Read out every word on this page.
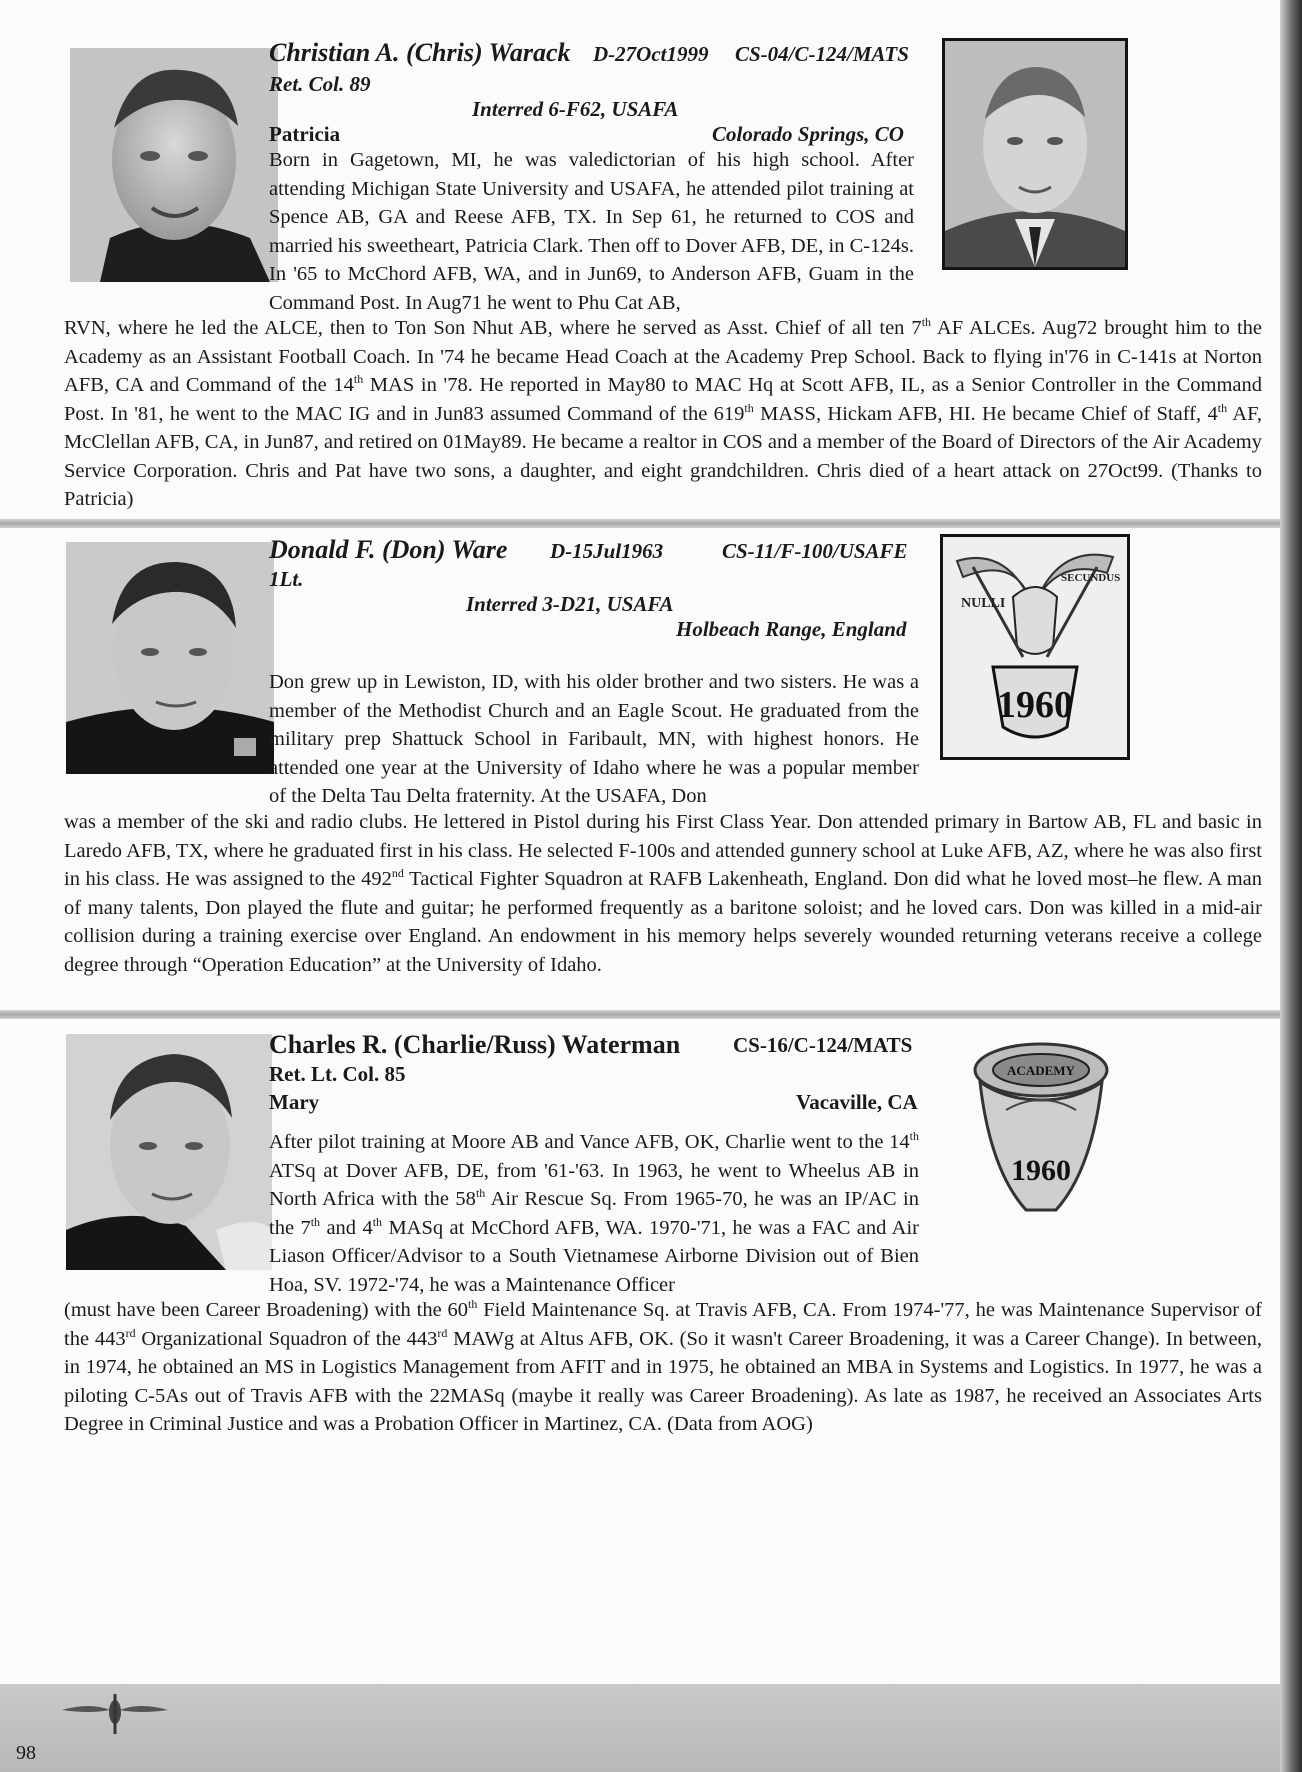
Christian A. (Chris) Warack D-27Oct1999 CS-04/C-124/MATS
Ret. Col. 89
Interred 6-F62, USAFA
Patricia	Colorado Springs, CO
Born in Gagetown, MI, he was valedictorian of his high school. After attending Michigan State University and USAFA, he attended pilot training at Spence AB, GA and Reese AFB, TX. In Sep 61, he returned to COS and married his sweetheart, Patricia Clark. Then off to Dover AFB, DE, in C-124s. In '65 to McChord AFB, WA, and in Jun69, to Anderson AFB, Guam in the Command Post. In Aug71 he went to Phu Cat AB,
RVN, where he led the ALCE, then to Ton Son Nhut AB, where he served as Asst. Chief of all ten 7th AF ALCEs. Aug72 brought him to the Academy as an Assistant Football Coach. In '74 he became Head Coach at the Academy Prep School. Back to flying in'76 in C-141s at Norton AFB, CA and Command of the 14th MAS in '78. He reported in May80 to MAC Hq at Scott AFB, IL, as a Senior Controller in the Command Post. In '81, he went to the MAC IG and in Jun83 assumed Command of the 619th MASS, Hickam AFB, HI. He became Chief of Staff, 4th AF, McClellan AFB, CA, in Jun87, and retired on 01May89. He became a realtor in COS and a member of the Board of Directors of the Air Academy Service Corporation. Chris and Pat have two sons, a daughter, and eight grandchildren. Chris died of a heart attack on 27Oct99. (Thanks to Patricia)
Donald F. (Don) Ware D-15Jul1963	CS-11/F-100/USAFE
1Lt.
Interred 3-D21, USAFA
Holbeach Range, England
NULLI
SECUNDUS
1960
Don grew up in Lewiston, ID, with his older brother and two sisters. He was a member of the Methodist Church and an Eagle Scout. He graduated from the military prep Shattuck School in Faribault, MN, with highest honors. He attended one year at the University of Idaho where he was a popular member of the Delta Tau Delta fraternity. At the USAFA, Don
was a member of the ski and radio clubs. He lettered in Pistol during his First Class Year. Don attended primary in Bartow AB, FL and basic in Laredo AFB, TX, where he graduated first in his class. He selected F-100s and attended gunnery school at Luke AFB, AZ, where he was also first in his class. He was assigned to the 492nd Tactical Fighter Squadron at RAFB Lakenheath, England. Don did what he loved most–he flew. A man of many talents, Don played the flute and guitar; he performed frequently as a baritone soloist; and he loved cars. Don was killed in a mid-air collision during a training exercise over England. An endowment in his memory helps severely wounded returning veterans receive a college degree through “Operation Education” at the University of Idaho.
Charles R. (Charlie/Russ) Waterman	CS-16/C-124/MATS
Ret. Lt. Col. 85
Mary	Vacaville, CA
ACADEMY
1960
After pilot training at Moore AB and Vance AFB, OK, Charlie went to the 14th ATSq at Dover AFB, DE, from '61-'63. In 1963, he went to Wheelus AB in North Africa with the 58th Air Rescue Sq. From 1965-70, he was an IP/AC in the 7th and 4th MASq at McChord AFB, WA. 1970-'71, he was a FAC and Air Liason Officer/Advisor to a South Vietnamese Airborne Division out of Bien Hoa, SV. 1972-'74, he was a Maintenance Officer
(must have been Career Broadening) with the 60th Field Maintenance Sq. at Travis AFB, CA. From 1974-'77, he was Maintenance Supervisor of the 443rd Organizational Squadron of the 443rd MAWg at Altus AFB, OK. (So it wasn't Career Broadening, it was a Career Change). In between, in 1974, he obtained an MS in Logistics Management from AFIT and in 1975, he obtained an MBA in Systems and Logistics. In 1977, he was a piloting C-5As out of Travis AFB with the 22MASq (maybe it really was Career Broadening). As late as 1987, he received an Associates Arts Degree in Criminal Justice and was a Probation Officer in Martinez, CA. (Data from AOG)
98
